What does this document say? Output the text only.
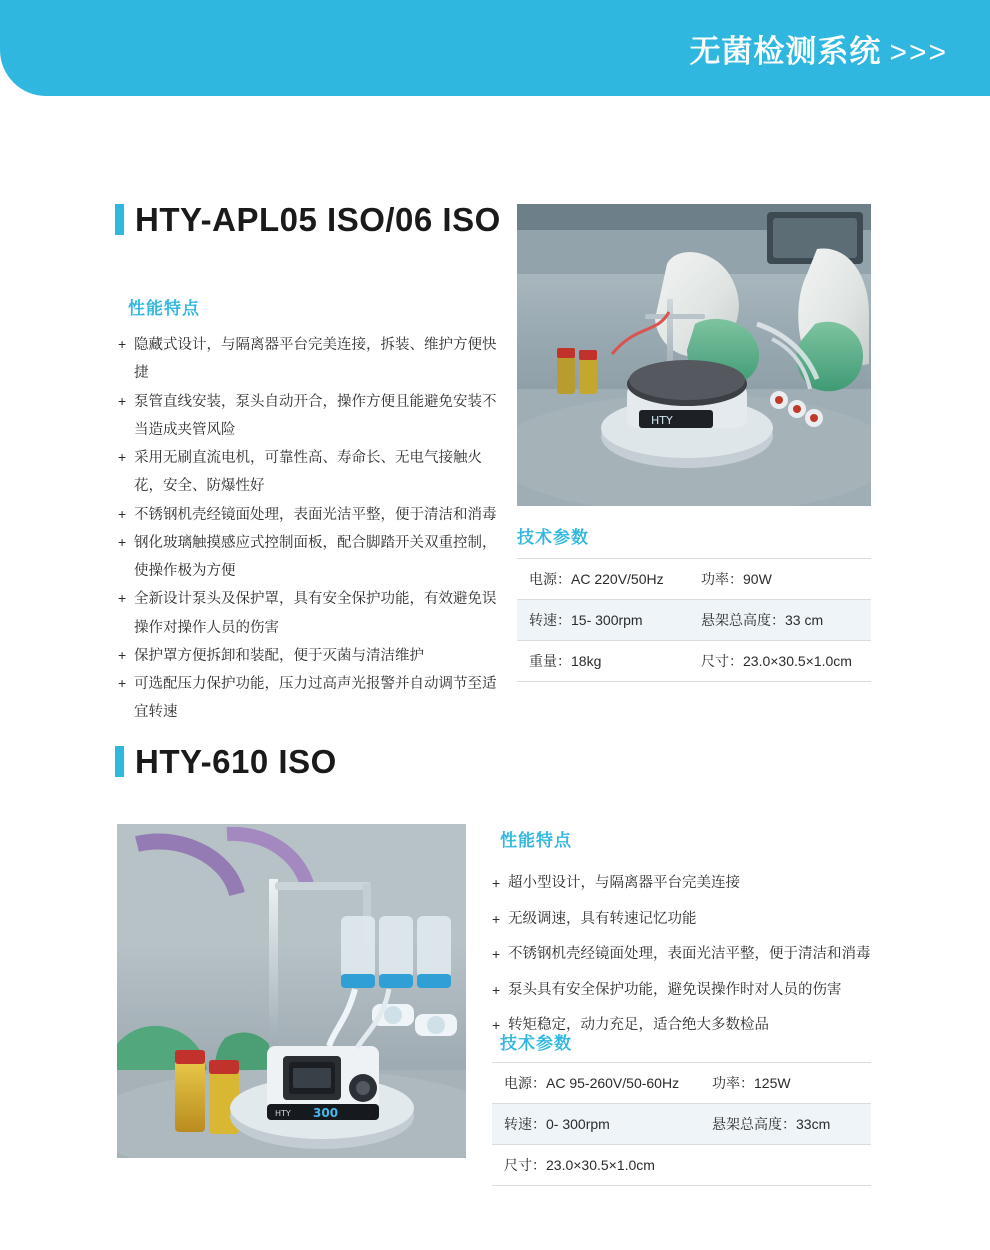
无菌检测系统 >>>
HTY-APL05 ISO/06 ISO
性能特点
+ 隐藏式设计，与隔离器平台完美连接，拆装、维护方便快捷
+ 泵管直线安装，泵头自动开合，操作方便且能避免安装不当造成夹管风险
+ 采用无刷直流电机，可靠性高、寿命长、无电气接触火花，安全、防爆性好
+ 不锈钢机壳经镜面处理，表面光洁平整，便于清洁和消毒
+ 钢化玻璃触摸感应式控制面板，配合脚踏开关双重控制，使操作极为方便
+ 全新设计泵头及保护罩，具有安全保护功能，有效避免误操作对操作人员的伤害
+ 保护罩方便拆卸和装配，便于灭菌与清洁维护
+ 可选配压力保护功能，压力过高声光报警并自动调节至适宜转速
HTY
技术参数
电源：AC 220V/50Hz	功率：90W
转速：15- 300rpm	悬架总高度：33 cm
重量：18kg	尺寸：23.0×30.5×1.0cm
HTY-610 ISO
300
HTY
性能特点
+ 超小型设计，与隔离器平台完美连接
+ 无级调速，具有转速记忆功能
+ 不锈钢机壳经镜面处理，表面光洁平整，便于清洁和消毒
+ 泵头具有安全保护功能，避免误操作时对人员的伤害
+ 转矩稳定，动力充足，适合绝大多数检品
技术参数
电源：AC 95-260V/50-60Hz	功率：125W
转速：0- 300rpm	悬架总高度：33cm
尺寸：23.0×30.5×1.0cm	
